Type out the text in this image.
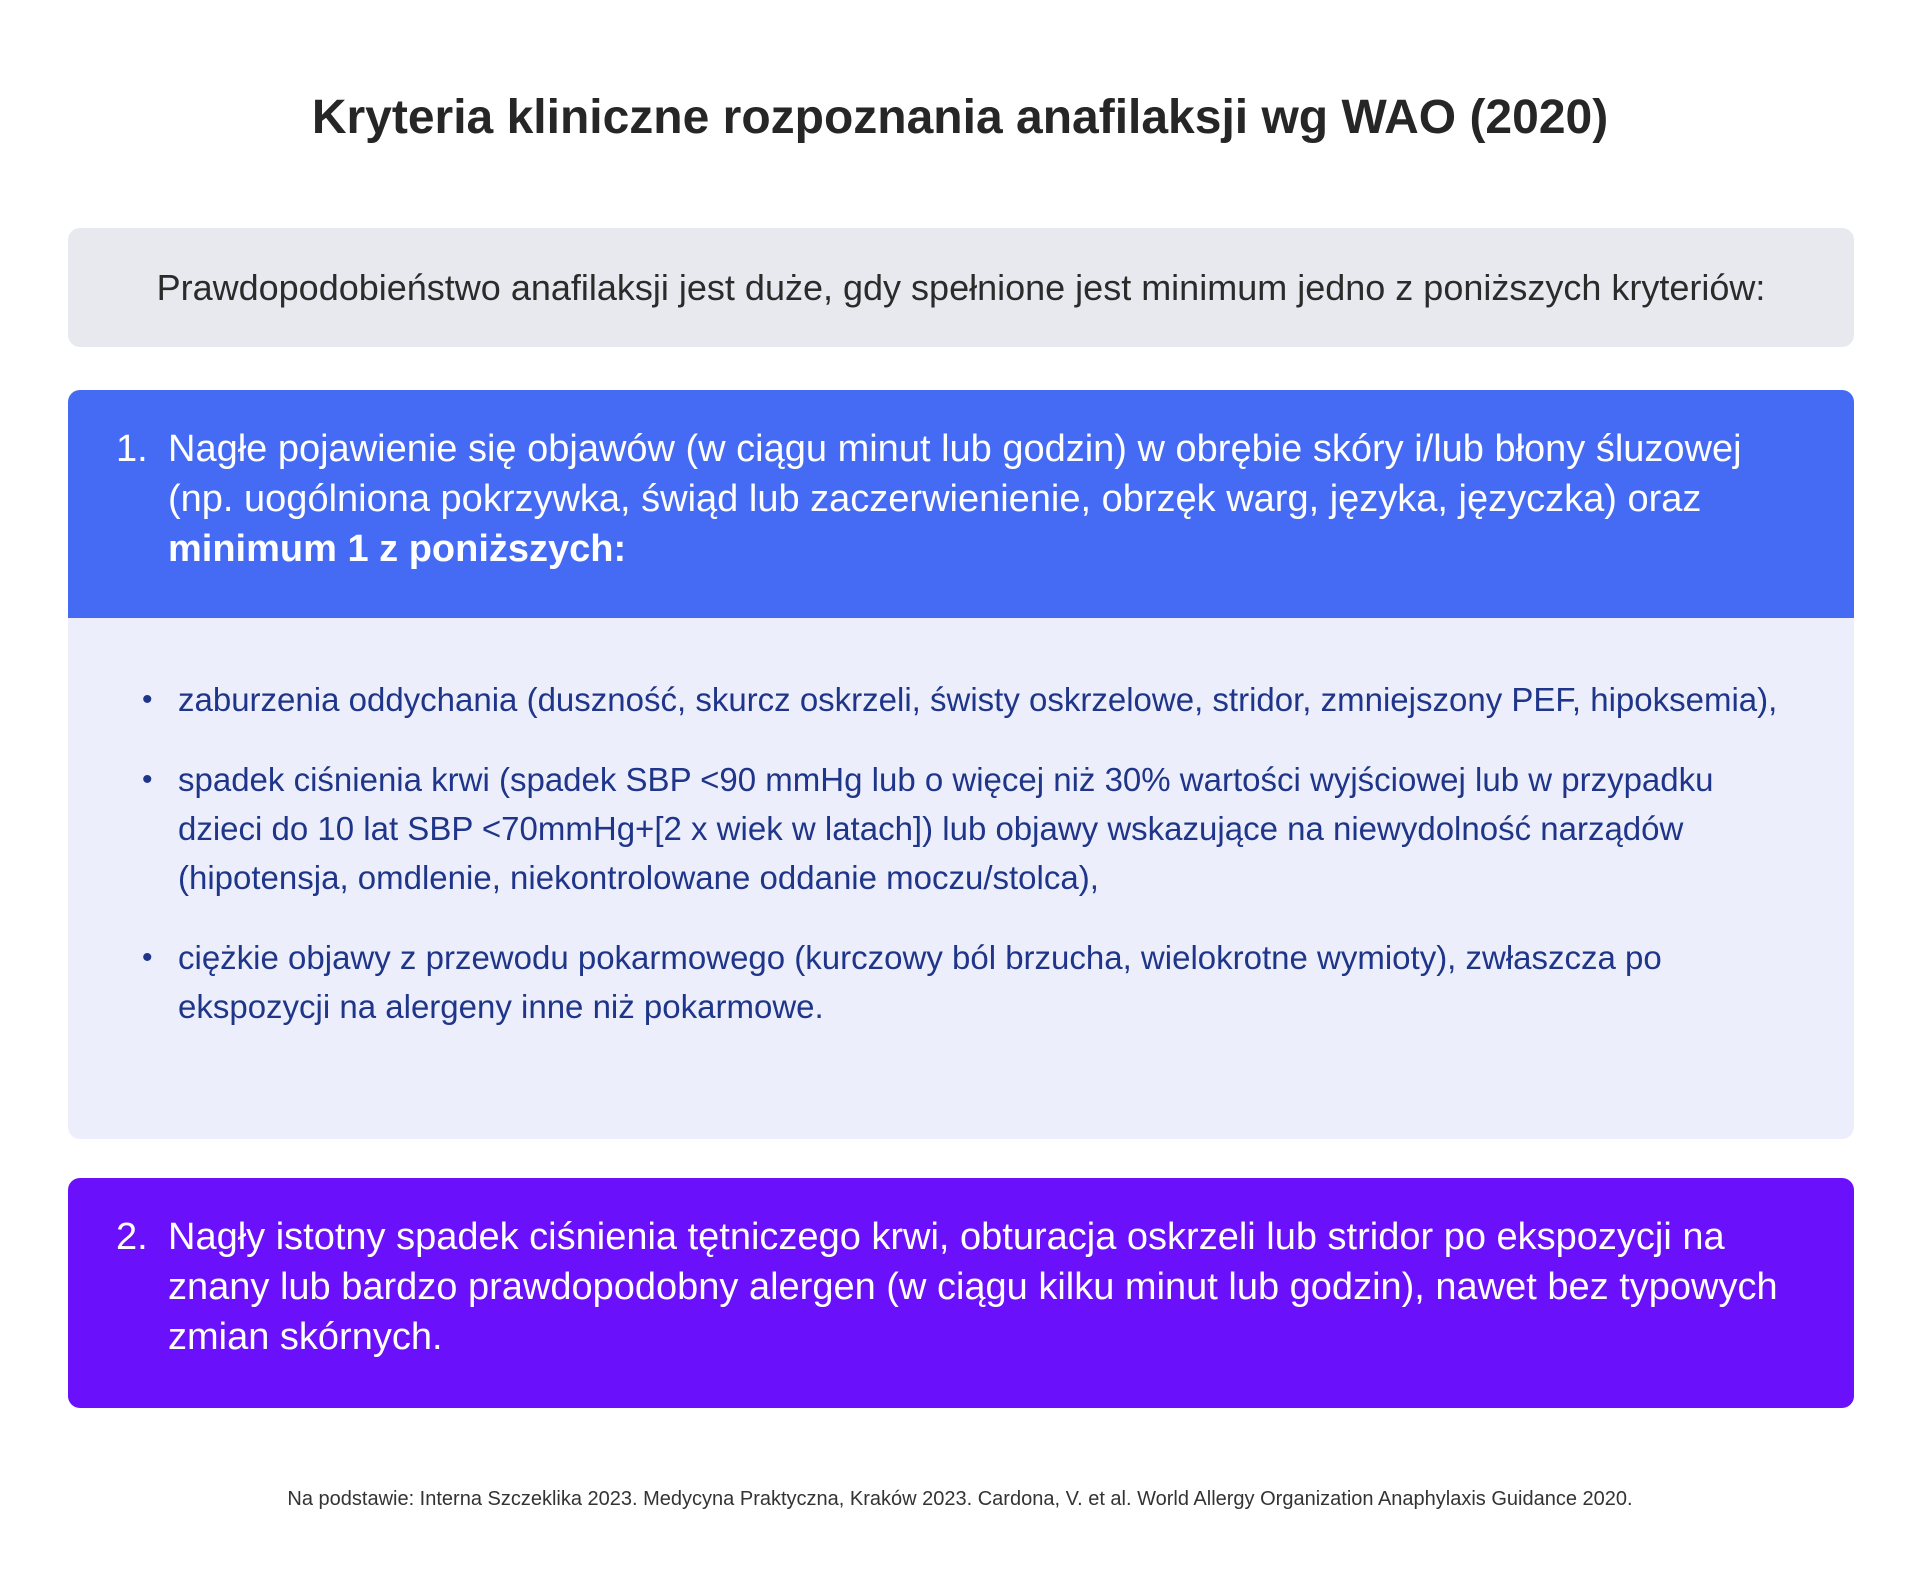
Kryteria kliniczne rozpoznania anafilaksji wg WAO (2020)
Prawdopodobieństwo anafilaksji jest duże, gdy spełnione jest minimum jedno z poniższych kryteriów:
1. Nagłe pojawienie się objawów (w ciągu minut lub godzin) w obrębie skóry i/lub błony śluzowej (np. uogólniona pokrzywka, świąd lub zaczerwienienie, obrzęk warg, języka, języczka) oraz minimum 1 z poniższych:
• zaburzenia oddychania (duszność, skurcz oskrzeli, świsty oskrzelowe, stridor, zmniejszony PEF, hipoksemia),
• spadek ciśnienia krwi (spadek SBP <90 mmHg lub o więcej niż 30% wartości wyjściowej lub w przypadku dzieci do 10 lat SBP <70mmHg+[2 x wiek w latach]) lub objawy wskazujące na niewydolność narządów (hipotensja, omdlenie, niekontrolowane oddanie moczu/stolca),
• ciężkie objawy z przewodu pokarmowego (kurczowy ból brzucha, wielokrotne wymioty), zwłaszcza po ekspozycji na alergeny inne niż pokarmowe.
2. Nagły istotny spadek ciśnienia tętniczego krwi, obturacja oskrzeli lub stridor po ekspozycji na znany lub bardzo prawdopodobny alergen (w ciągu kilku minut lub godzin), nawet bez typowych zmian skórnych.
Na podstawie: Interna Szczeklika 2023. Medycyna Praktyczna, Kraków 2023. Cardona, V. et al. World Allergy Organization Anaphylaxis Guidance 2020.
